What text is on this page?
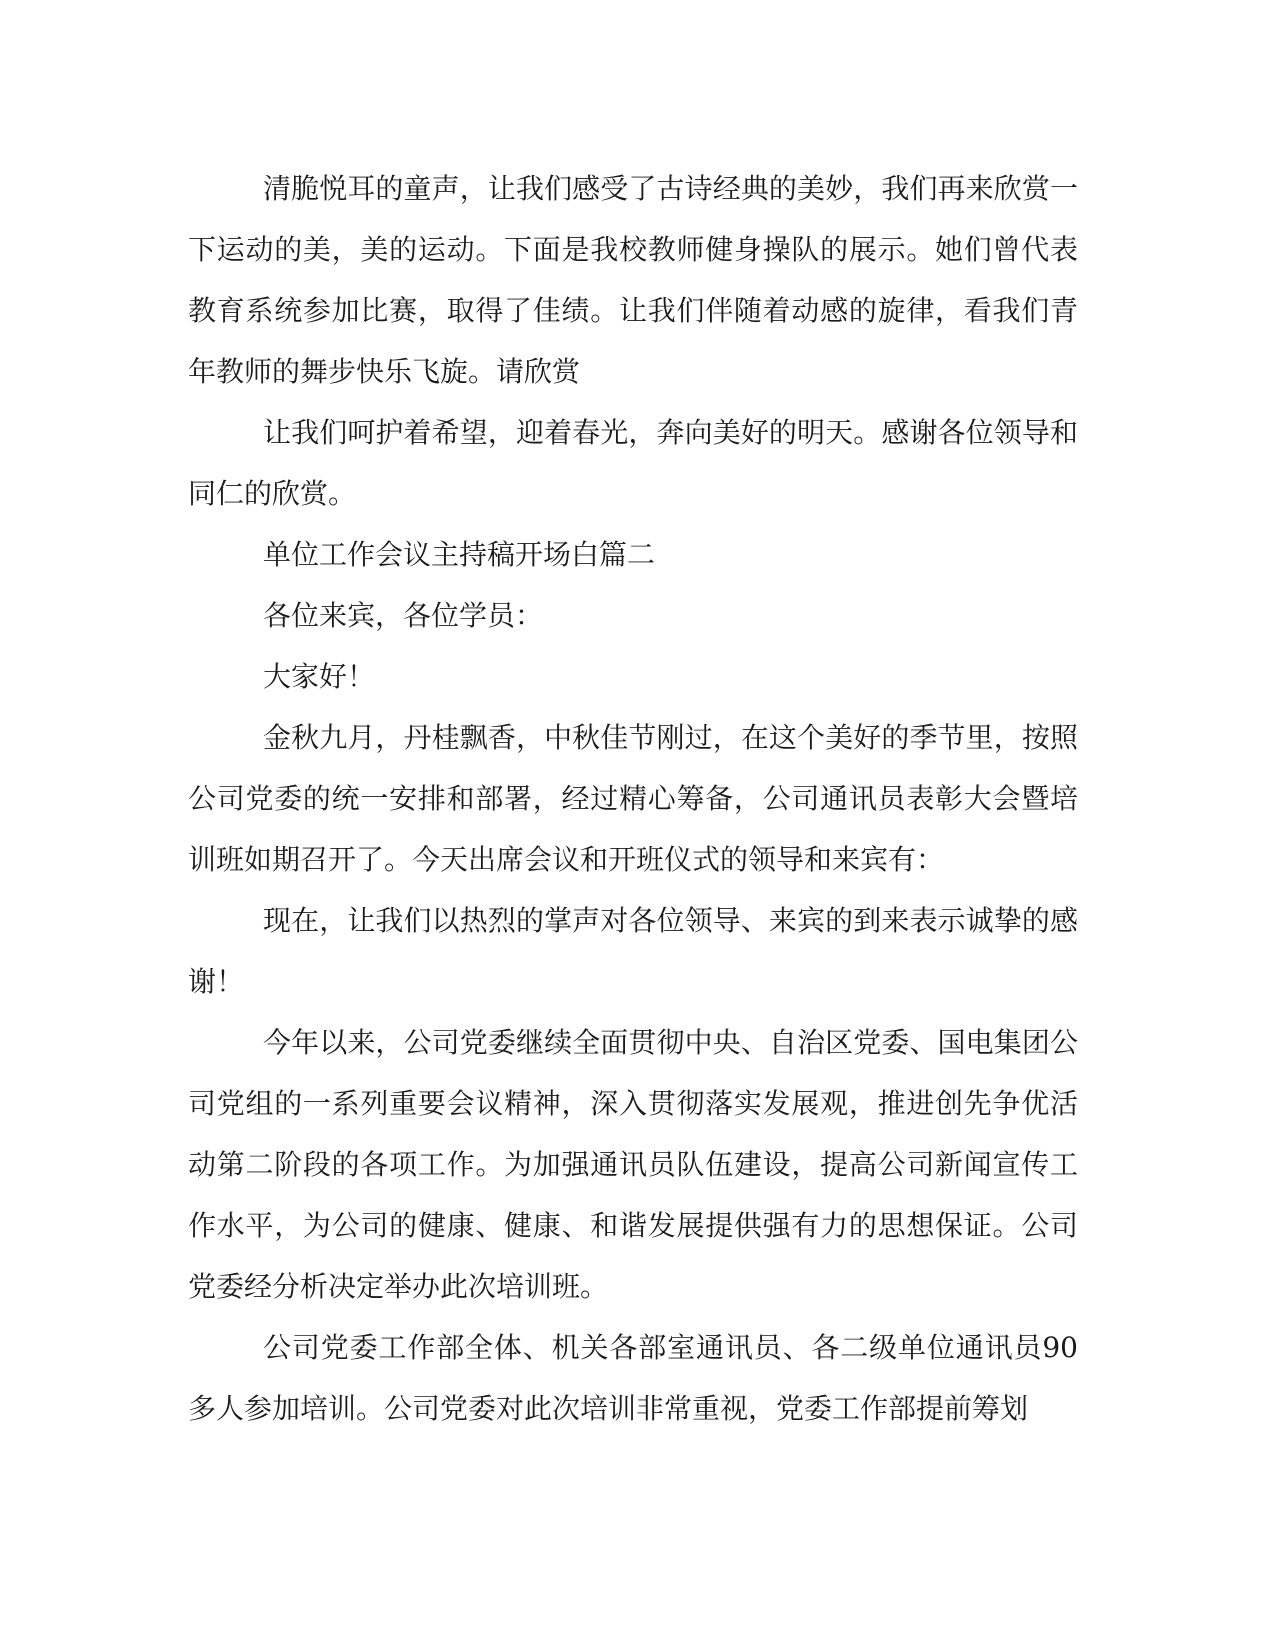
清脆悦耳的童声，让我们感受了古诗经典的美妙，我们再来欣赏一下运动的美，美的运动。下面是我校教师健身操队的展示。她们曾代表教育系统参加比赛，取得了佳绩。让我们伴随着动感的旋律，看我们青年教师的舞步快乐飞旋。请欣赏

让我们呵护着希望，迎着春光，奔向美好的明天。感谢各位领导和同仁的欣赏。

单位工作会议主持稿开场白篇二

各位来宾，各位学员：

大家好！

金秋九月，丹桂飘香，中秋佳节刚过，在这个美好的季节里，按照公司党委的统一安排和部署，经过精心筹备，公司通讯员表彰大会暨培训班如期召开了。今天出席会议和开班仪式的领导和来宾有：

现在，让我们以热烈的掌声对各位领导、来宾的到来表示诚挚的感谢！

今年以来，公司党委继续全面贯彻中央、自治区党委、国电集团公司党组的一系列重要会议精神，深入贯彻落实发展观，推进创先争优活动第二阶段的各项工作。为加强通讯员队伍建设，提高公司新闻宣传工作水平，为公司的健康、健康、和谐发展提供强有力的思想保证。公司党委经分析决定举办此次培训班。

公司党委工作部全体、机关各部室通讯员、各二级单位通讯员90多人参加培训。公司党委对此次培训非常重视，党委工作部提前筹划
